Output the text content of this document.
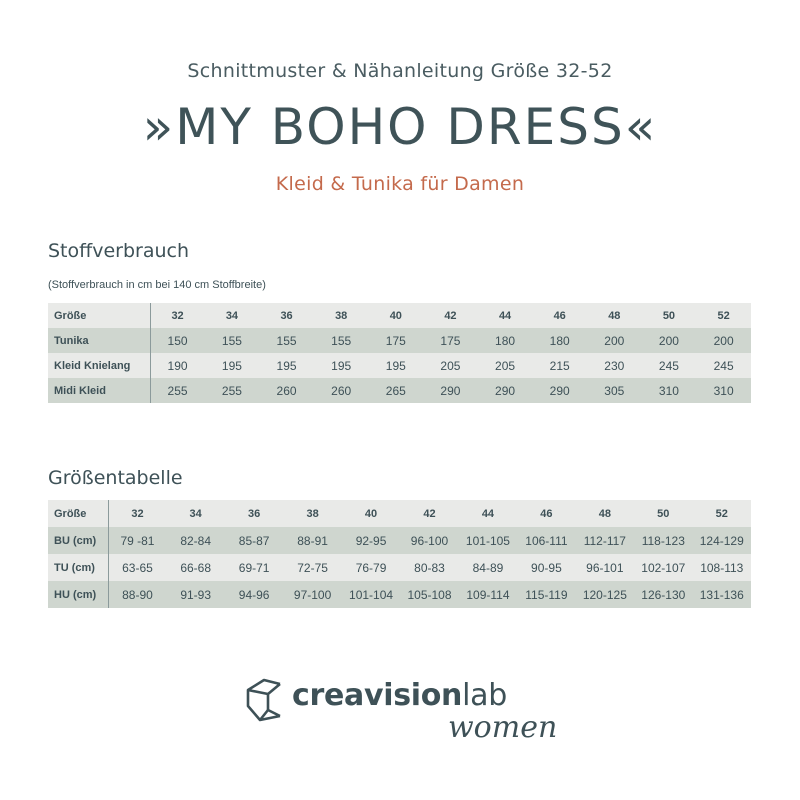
Schnittmuster & Nähanleitung Größe 32-52
»MY BOHO DRESS«
Kleid & Tunika für Damen
Stoffverbrauch
(Stoffverbrauch in cm bei 140 cm Stoffbreite)
Größe	32	34	36	38	40	42	44	46	48	50	52
Tunika	150	155	155	155	175	175	180	180	200	200	200
Kleid Knielang	190	195	195	195	195	205	205	215	230	245	245
Midi Kleid	255	255	260	260	265	290	290	290	305	310	310
Größentabelle
Größe	32	34	36	38	40	42	44	46	48	50	52
BU (cm)	79 -81	82-84	85-87	88-91	92-95	96-100	101-105	106-111	112-117	118-123	124-129
TU (cm)	63-65	66-68	69-71	72-75	76-79	80-83	84-89	90-95	96-101	102-107	108-113
HU (cm)	88-90	91-93	94-96	97-100	101-104	105-108	109-114	115-119	120-125	126-130	131-136
creavisionlab
women
